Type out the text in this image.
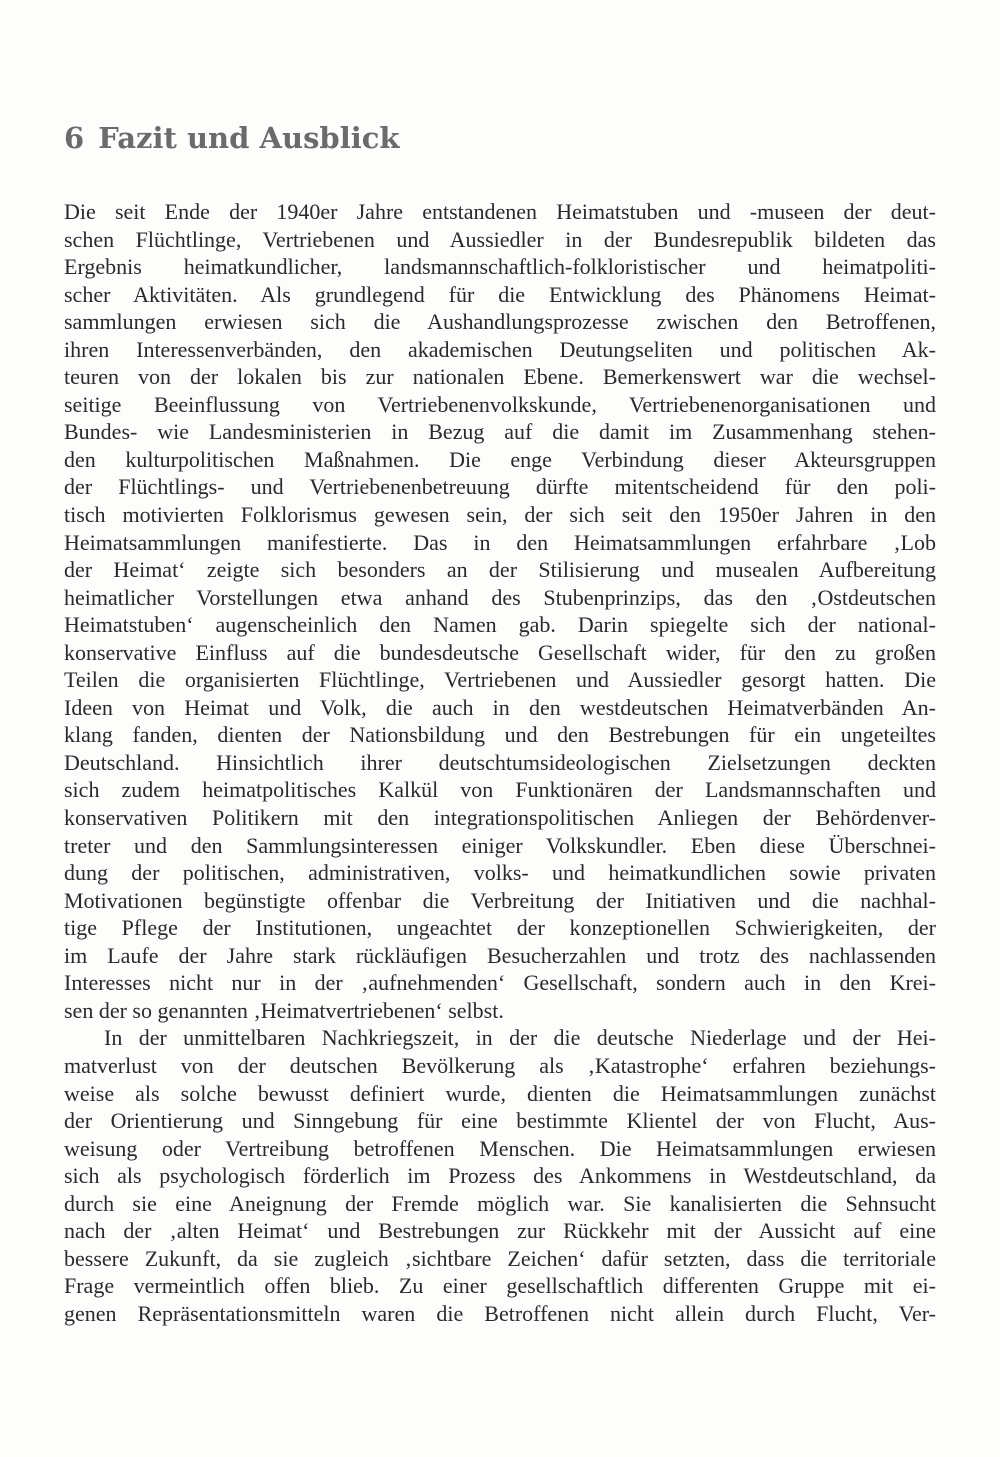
6 Fazit und Ausblick

Die seit Ende der 1940er Jahre entstandenen Heimatstuben und -museen der deut-
schen Flüchtlinge, Vertriebenen und Aussiedler in der Bundesrepublik bildeten das
Ergebnis heimatkundlicher, landsmannschaftlich-folkloristischer und heimatpoliti-
scher Aktivitäten. Als grundlegend für die Entwicklung des Phänomens Heimat-
sammlungen erwiesen sich die Aushandlungsprozesse zwischen den Betroffenen,
ihren Interessenverbänden, den akademischen Deutungseliten und politischen Ak-
teuren von der lokalen bis zur nationalen Ebene. Bemerkenswert war die wechsel-
seitige Beeinflussung von Vertriebenenvolkskunde, Vertriebenenorganisationen und
Bundes- wie Landesministerien in Bezug auf die damit im Zusammenhang stehen-
den kulturpolitischen Maßnahmen. Die enge Verbindung dieser Akteursgruppen
der Flüchtlings- und Vertriebenenbetreuung dürfte mitentscheidend für den poli-
tisch motivierten Folklorismus gewesen sein, der sich seit den 1950er Jahren in den
Heimatsammlungen manifestierte. Das in den Heimatsammlungen erfahrbare ‚Lob
der Heimat‘ zeigte sich besonders an der Stilisierung und musealen Aufbereitung
heimatlicher Vorstellungen etwa anhand des Stubenprinzips, das den ‚Ostdeutschen
Heimatstuben‘ augenscheinlich den Namen gab. Darin spiegelte sich der national-
konservative Einfluss auf die bundesdeutsche Gesellschaft wider, für den zu großen
Teilen die organisierten Flüchtlinge, Vertriebenen und Aussiedler gesorgt hatten. Die
Ideen von Heimat und Volk, die auch in den westdeutschen Heimatverbänden An-
klang fanden, dienten der Nationsbildung und den Bestrebungen für ein ungeteiltes
Deutschland. Hinsichtlich ihrer deutschtumsideologischen Zielsetzungen deckten
sich zudem heimatpolitisches Kalkül von Funktionären der Landsmannschaften und
konservativen Politikern mit den integrationspolitischen Anliegen der Behördenver-
treter und den Sammlungsinteressen einiger Volkskundler. Eben diese Überschnei-
dung der politischen, administrativen, volks- und heimatkundlichen sowie privaten
Motivationen begünstigte offenbar die Verbreitung der Initiativen und die nachhal-
tige Pflege der Institutionen, ungeachtet der konzeptionellen Schwierigkeiten, der
im Laufe der Jahre stark rückläufigen Besucherzahlen und trotz des nachlassenden
Interesses nicht nur in der ‚aufnehmenden‘ Gesellschaft, sondern auch in den Krei-
sen der so genannten ‚Heimatvertriebenen‘ selbst.

In der unmittelbaren Nachkriegszeit, in der die deutsche Niederlage und der Hei-
matverlust von der deutschen Bevölkerung als ‚Katastrophe‘ erfahren beziehungs-
weise als solche bewusst definiert wurde, dienten die Heimatsammlungen zunächst
der Orientierung und Sinngebung für eine bestimmte Klientel der von Flucht, Aus-
weisung oder Vertreibung betroffenen Menschen. Die Heimatsammlungen erwiesen
sich als psychologisch förderlich im Prozess des Ankommens in Westdeutschland, da
durch sie eine Aneignung der Fremde möglich war. Sie kanalisierten die Sehnsucht
nach der ‚alten Heimat‘ und Bestrebungen zur Rückkehr mit der Aussicht auf eine
bessere Zukunft, da sie zugleich ‚sichtbare Zeichen‘ dafür setzten, dass die territoriale
Frage vermeintlich offen blieb. Zu einer gesellschaftlich differenten Gruppe mit ei-
genen Repräsentationsmitteln waren die Betroffenen nicht allein durch Flucht, Ver-
